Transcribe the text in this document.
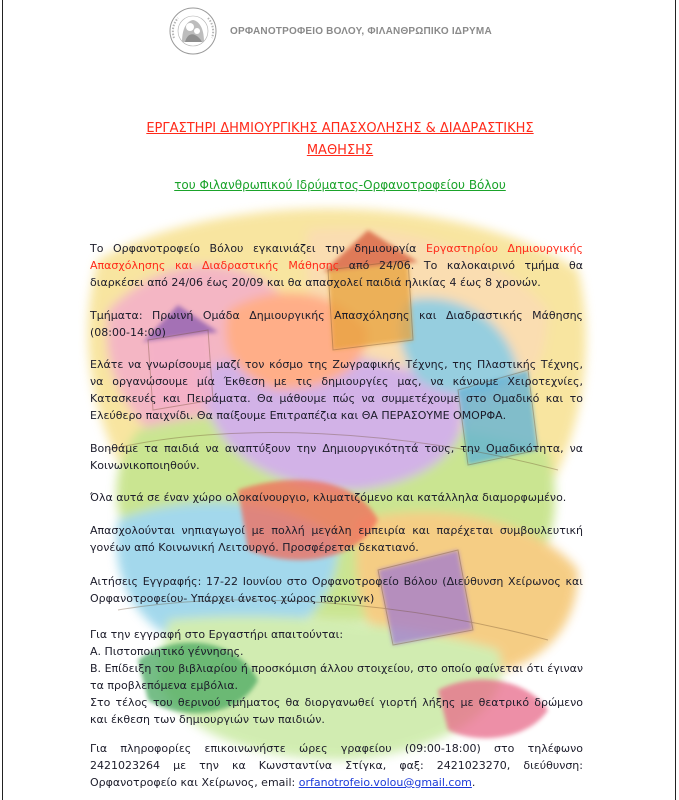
ΟΡΦΑΝΟΤΡΟΦΕΙΟ ΒΟΛΟΥ, ΦΙΛΑΝΘΡΩΠΙΚΟ ΙΔΡΥΜΑ
ΕΡΓΑΣΤΗΡΙ ΔΗΜΙΟΥΡΓΙΚΗΣ ΑΠΑΣΧΟΛΗΣΗΣ & ΔΙΑΔΡΑΣΤΙΚΗΣ
ΜΑΘΗΣΗΣ
του Φιλανθρωπικού Ιδρύματος-Ορφανοτροφείου Βόλου

Το Ορφανοτροφείο Βόλου εγκαινιάζει την δημιουργία Εργαστηρίου Δημιουργικής Απασχόλησης και Διαδραστικής Μάθησης από 24/06. Το καλοκαιρινό τμήμα θα διαρκέσει από 24/06 έως 20/09 και θα απασχολεί παιδιά ηλικίας 4 έως 8 χρονών.

Τμήματα: Πρωινή Ομάδα Δημιουργικής Απασχόλησης και Διαδραστικής Μάθησης (08:00-14:00)

Ελάτε να γνωρίσουμε μαζί τον κόσμο της Ζωγραφικής Τέχνης, της Πλαστικής Τέχνης, να οργανώσουμε μία Έκθεση με τις δημιουργίες μας, να κάνουμε Χειροτεχνίες, Κατασκευές και Πειράματα. Θα μάθουμε πώς να συμμετέχουμε στο Ομαδικό και το Ελεύθερο παιχνίδι. Θα παίξουμε Επιτραπέζια και ΘΑ ΠΕΡΑΣΟΥΜΕ ΟΜΟΡΦΑ.

Βοηθάμε τα παιδιά να αναπτύξουν την Δημιουργικότητά τους, την Ομαδικότητα, να Κοινωνικοποιηθούν.

Όλα αυτά σε έναν χώρο ολοκαίνουργιο, κλιματιζόμενο και κατάλληλα διαμορφωμένο.

Απασχολούνται νηπιαγωγοί με πολλή μεγάλη εμπειρία και παρέχεται συμβουλευτική γονέων από Κοινωνική Λειτουργό. Προσφέρεται δεκατιανό.

Αιτήσεις Εγγραφής: 17-22 Ιουνίου στο Ορφανοτροφείο Βόλου (Διεύθυνση Χείρωνος και Ορφανοτροφείου- Υπάρχει άνετος χώρος παρκινγκ)

Για την εγγραφή στο Εργαστήρι απαιτούνται:

Α. Πιστοποιητικό γέννησης.

Β. Επίδειξη του βιβλιαρίου ή προσκόμιση άλλου στοιχείου, στο οποίο φαίνεται ότι έγιναν τα προβλεπόμενα εμβόλια.

Στο τέλος του θερινού τμήματος θα διοργανωθεί γιορτή λήξης με θεατρικό δρώμενο και έκθεση των δημιουργιών των παιδιών.

Για πληροφορίες επικοινωνήστε ώρες γραφείου (09:00-18:00) στο τηλέφωνο 2421023264 με την κα Κωνσταντίνα Στίγκα, φαξ: 2421023270, διεύθυνση: Ορφανοτροφείο και Χείρωνος, email: orfanotrofeio.volou@gmail.com.
